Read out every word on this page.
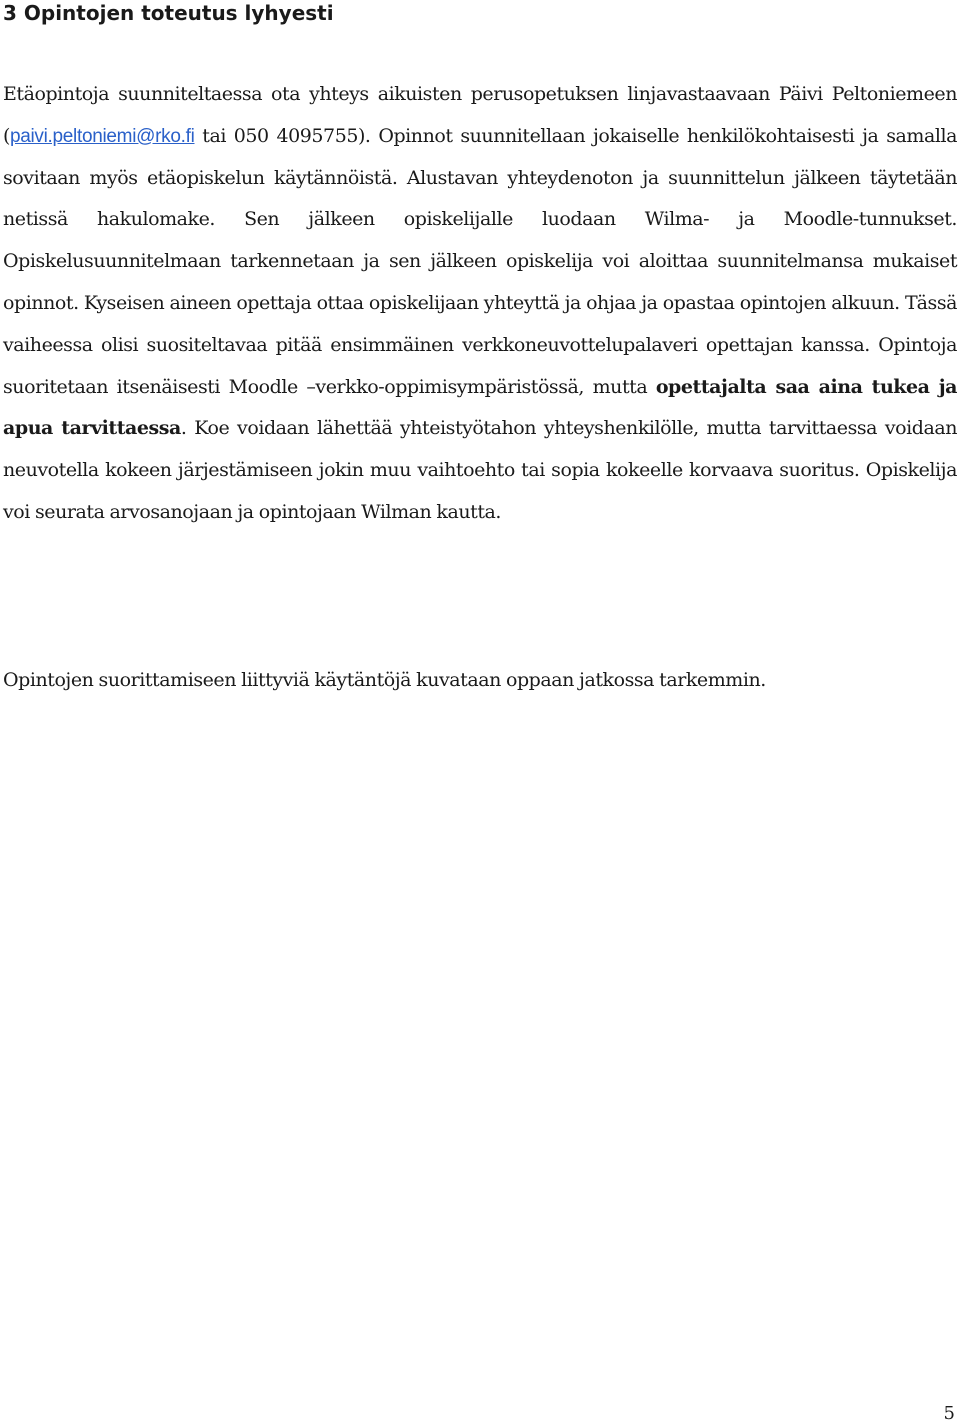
3 Opintojen toteutus lyhyesti

Etäopintoja suunniteltaessa ota yhteys aikuisten perusopetuksen linjavastaavaan Päivi Peltoniemeen (paivi.peltoniemi@rko.fi tai 050 4095755). Opinnot suunnitellaan jokaiselle henkilökohtaisesti ja samalla sovitaan myös etäopiskelun käytännöistä. Alustavan yhteydenoton ja suunnittelun jälkeen täytetään netissä hakulomake. Sen jälkeen opiskelijalle luodaan Wilma- ja Moodle-tunnukset. Opiskelusuunnitelmaan tarkennetaan ja sen jälkeen opiskelija voi aloittaa suunnitelmansa mukaiset opinnot. Kyseisen aineen opettaja ottaa opiskelijaan yhteyttä ja ohjaa ja opastaa opintojen alkuun. Tässä vaiheessa olisi suositeltavaa pitää ensimmäinen verkkoneuvottelupalaveri opettajan kanssa. Opintoja suoritetaan itsenäisesti Moodle –verkko-oppimisympäristössä, mutta opettajalta saa aina tukea ja apua tarvittaessa. Koe voidaan lähettää yhteistyötahon yhteyshenkilölle, mutta tarvittaessa voidaan neuvotella kokeen järjestämiseen jokin muu vaihtoehto tai sopia kokeelle korvaava suoritus. Opiskelija voi seurata arvosanojaan ja opintojaan Wilman kautta.

Opintojen suorittamiseen liittyviä käytäntöjä kuvataan oppaan jatkossa tarkemmin.

5
